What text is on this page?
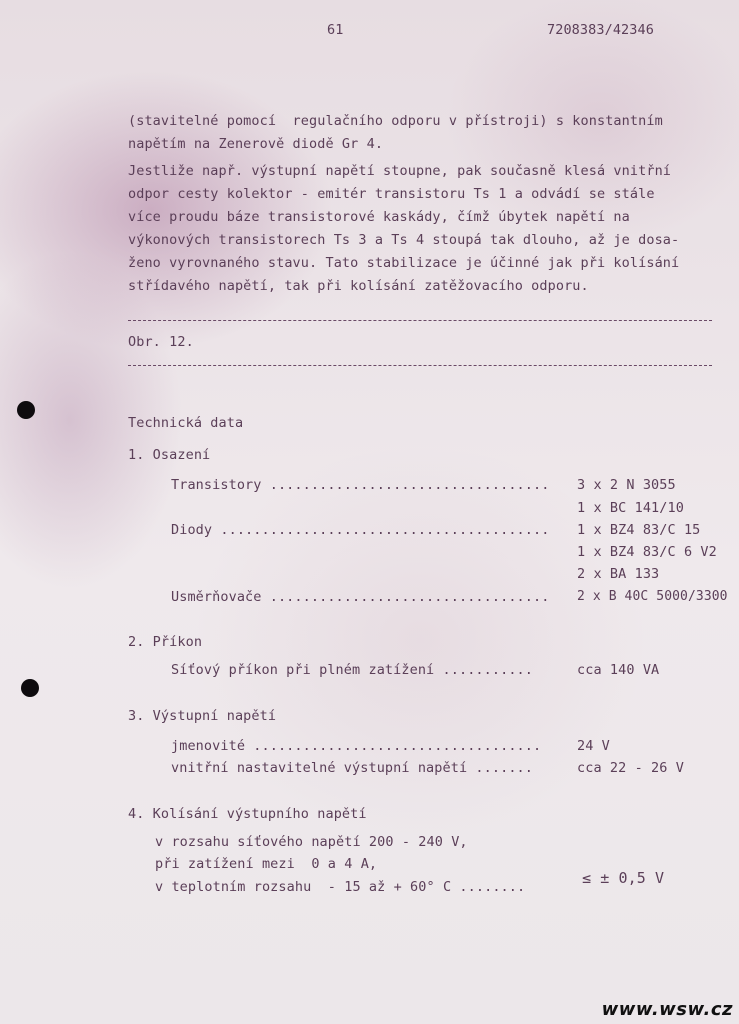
61	7208383/42346
(stavitelné pomocí  regulačního odporu v přístroji) s konstantním
napětím na Zenerově diodě Gr 4.
Jestliže např. výstupní napětí stoupne, pak současně klesá vnitřní
odpor cesty kolektor - emitér transistoru Ts 1 a odvádí se stále
více proudu báze transistorové kaskády, čímž úbytek napětí na
výkonových transistorech Ts 3 a Ts 4 stoupá tak dlouho, až je dosa-
ženo vyrovnaného stavu. Tato stabilizace je účinné jak při kolísání
střídavého napětí, tak při kolísání zatěžovacího odporu.
Obr. 12.
Technická data
1. Osazení
Transistory .................................. 3 x 2 N 3055
1 x BC 141/10
Diody ........................................ 1 x BZ4 83/C 15
1 x BZ4 83/C 6 V2
2 x BA 133
Usměrňovače .................................. 2 x B 40C 5000/3300
2. Příkon
Síťový příkon při plném zatížení ...........	cca 140 VA
3. Výstupní napětí
jmenovité ...................................	24 V
vnitřní nastavitelné výstupní napětí .......	cca 22 - 26 V
4. Kolísání výstupního napětí
v rozsahu síťového napětí 200 - 240 V,
při zatížení mezi  0 a 4 A,
v teplotním rozsahu  - 15 až + 60° C ........	≤ ± 0,5 V
www.wsw.cz
